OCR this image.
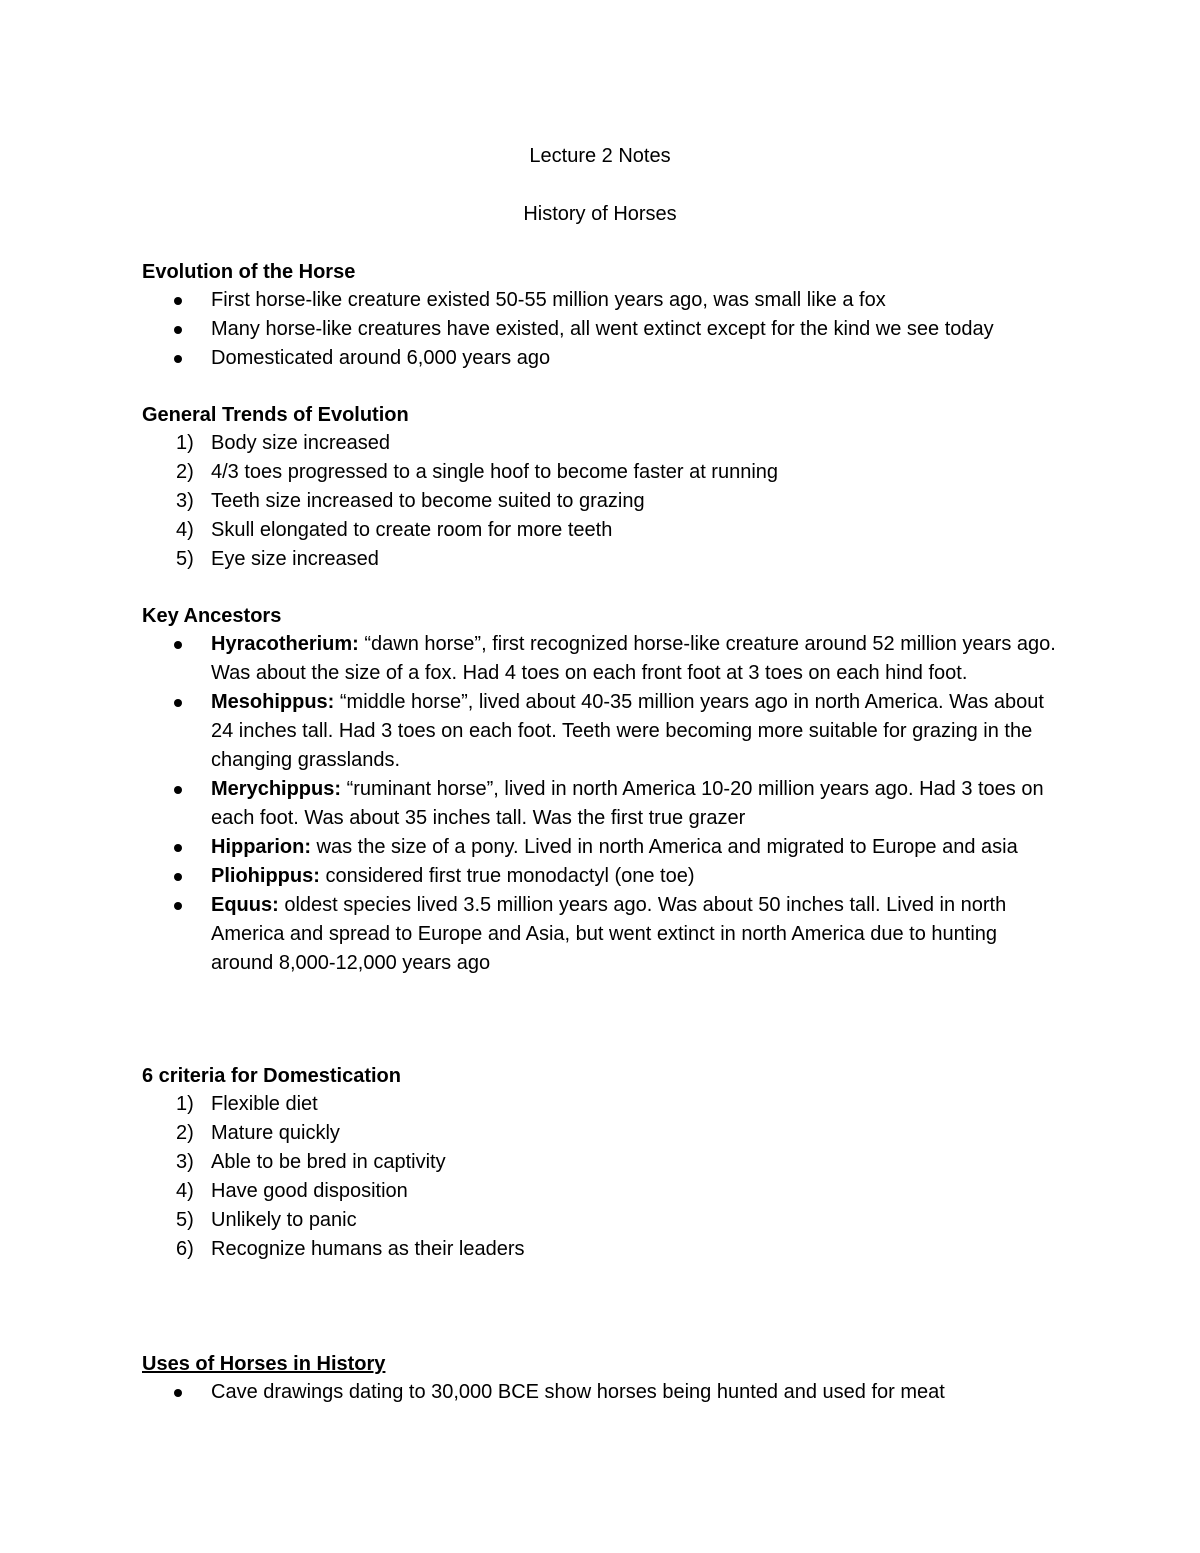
Lecture 2 Notes
History of Horses
Evolution of the Horse
First horse-like creature existed 50-55 million years ago, was small like a fox
Many horse-like creatures have existed, all went extinct except for the kind we see today
Domesticated around 6,000 years ago
General Trends of Evolution
1) Body size increased
2) 4/3 toes progressed to a single hoof to become faster at running
3) Teeth size increased to become suited to grazing
4) Skull elongated to create room for more teeth
5) Eye size increased
Key Ancestors
Hyracotherium: “dawn horse”, first recognized horse-like creature around 52 million years ago. Was about the size of a fox. Had 4 toes on each front foot at 3 toes on each hind foot.
Mesohippus: “middle horse”, lived about 40-35 million years ago in north America. Was about 24 inches tall. Had 3 toes on each foot. Teeth were becoming more suitable for grazing in the changing grasslands.
Merychippus: “ruminant horse”, lived in north America 10-20 million years ago. Had 3 toes on each foot. Was about 35 inches tall. Was the first true grazer
Hipparion: was the size of a pony. Lived in north America and migrated to Europe and asia
Pliohippus: considered first true monodactyl (one toe)
Equus: oldest species lived 3.5 million years ago. Was about 50 inches tall. Lived in north America and spread to Europe and Asia, but went extinct in north America due to hunting around 8,000-12,000 years ago
6 criteria for Domestication
1) Flexible diet
2) Mature quickly
3) Able to be bred in captivity
4) Have good disposition
5) Unlikely to panic
6) Recognize humans as their leaders
Uses of Horses in History
Cave drawings dating to 30,000 BCE show horses being hunted and used for meat
